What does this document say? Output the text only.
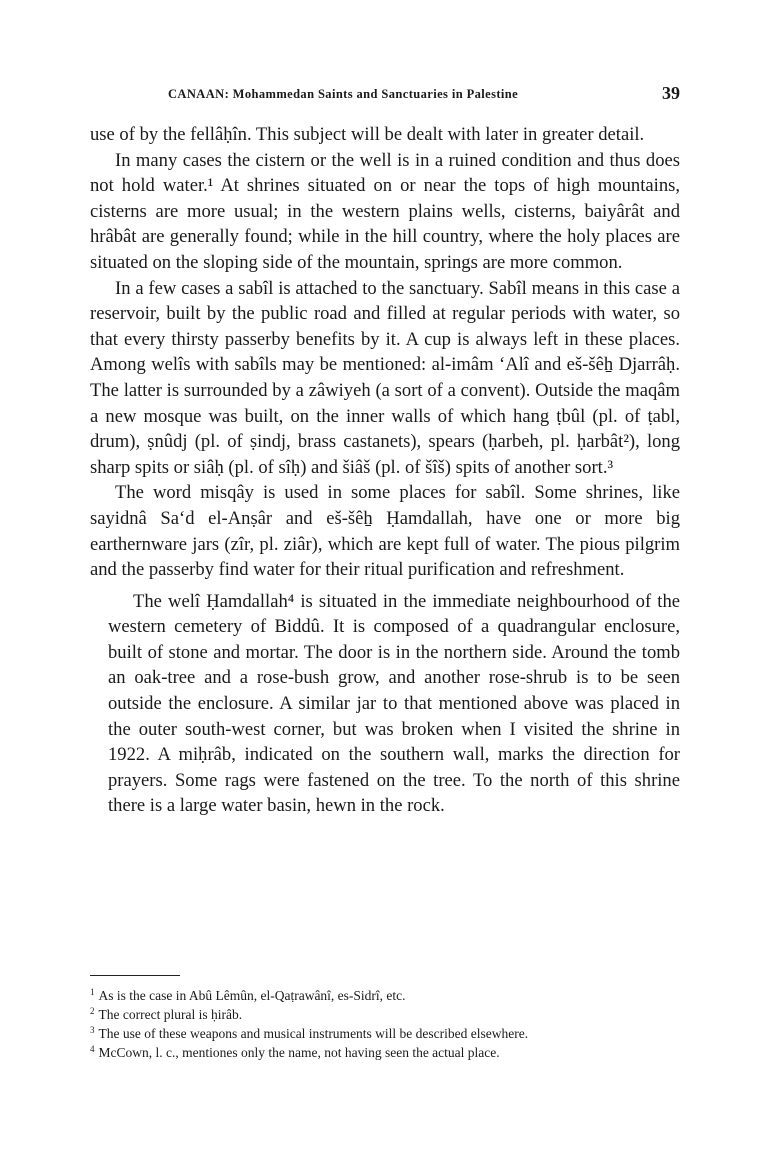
CANAAN: Mohammedan Saints and Sanctuaries in Palestine	39

use of by the fellâḥîn. This subject will be dealt with later in greater detail.

In many cases the cistern or the well is in a ruined condition and thus does not hold water.¹ At shrines situated on or near the tops of high mountains, cisterns are more usual; in the western plains wells, cisterns, baiyârât and hrâbât are generally found; while in the hill country, where the holy places are situated on the sloping side of the mountain, springs are more common.

In a few cases a sabîl is attached to the sanctuary. Sabîl means in this case a reservoir, built by the public road and filled at regular periods with water, so that every thirsty passerby benefits by it. A cup is always left in these places. Among welîs with sabîls may be mentioned: al-imâm ‘Alî and eš-šêẖ Djarrâḥ. The latter is surrounded by a zâwiyeh (a sort of a convent). Outside the maqâm a new mosque was built, on the inner walls of which hang ṭbûl (pl. of ṭabl, drum), ṣnûdj (pl. of ṣindj, brass castanets), spears (ḥarbeh, pl. ḥarbât²), long sharp spits or siâḥ (pl. of sîḥ) and šiâš (pl. of šîš) spits of another sort.³

The word misqây is used in some places for sabîl. Some shrines, like sayidnâ Sa‘d el-Anṣâr and eš-šêẖ Ḥamdallah, have one or more big earthernware jars (zîr, pl. ziâr), which are kept full of water. The pious pilgrim and the passerby find water for their ritual purification and refreshment.

The welî Ḥamdallah⁴ is situated in the immediate neighbourhood of the western cemetery of Biddû. It is composed of a quadrangular enclosure, built of stone and mortar. The door is in the northern side. Around the tomb an oak-tree and a rose-bush grow, and another rose-shrub is to be seen outside the enclosure. A similar jar to that mentioned above was placed in the outer south-west corner, but was broken when I visited the shrine in 1922. A miḥrâb, indicated on the southern wall, marks the direction for prayers. Some rags were fastened on the tree. To the north of this shrine there is a large water basin, hewn in the rock.

$^1$ As is the case in Abû Lêmûn, el-Qaṭrawânî, es-Sidrî, etc.

$^2$ The correct plural is ḥirâb.

$^3$ The use of these weapons and musical instruments will be described elsewhere.

$^4$ McCown, l. c., mentiones only the name, not having seen the actual place.
